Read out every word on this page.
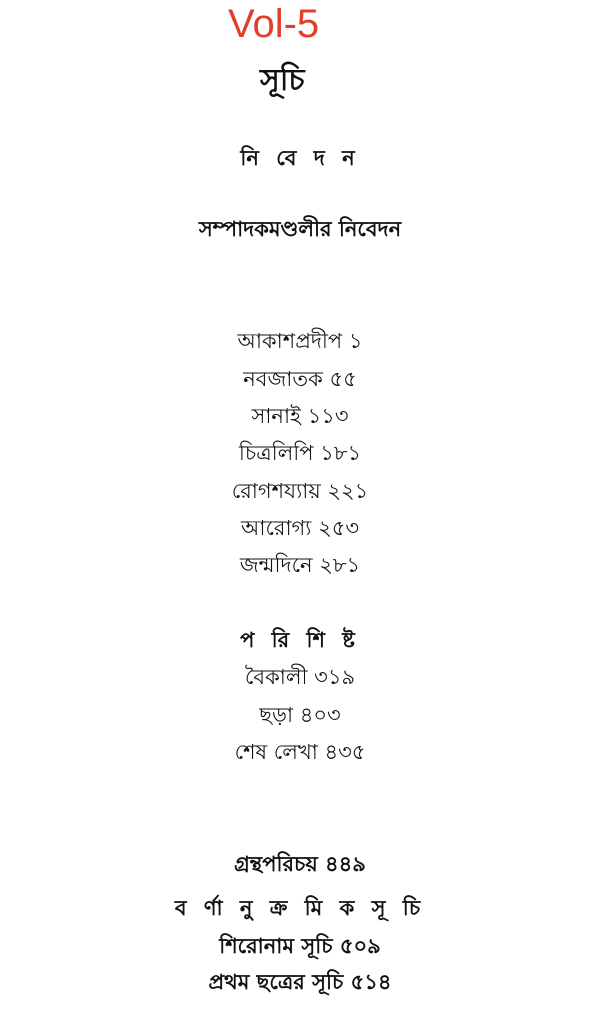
Vol-5
সূচি
নি বে দ ন
সম্পাদকমণ্ডলীর নিবেদন
আকাশপ্রদীপ ১
নবজাতক ৫৫
সানাই ১১৩
চিত্রলিপি ১৮১
রোগশয্যায় ২২১
আরোগ্য ২৫৩
জন্মদিনে ২৮১
প রি শি ষ্ট
বৈকালী ৩১৯
ছড়া ৪০৩
শেষ লেখা ৪৩৫
গ্রন্থপরিচয় ৪৪৯
ব র্ণা নু ক্র মি ক সূ চি
শিরোনাম সূচি ৫০৯
প্রথম ছত্রের সূচি ৫১৪
